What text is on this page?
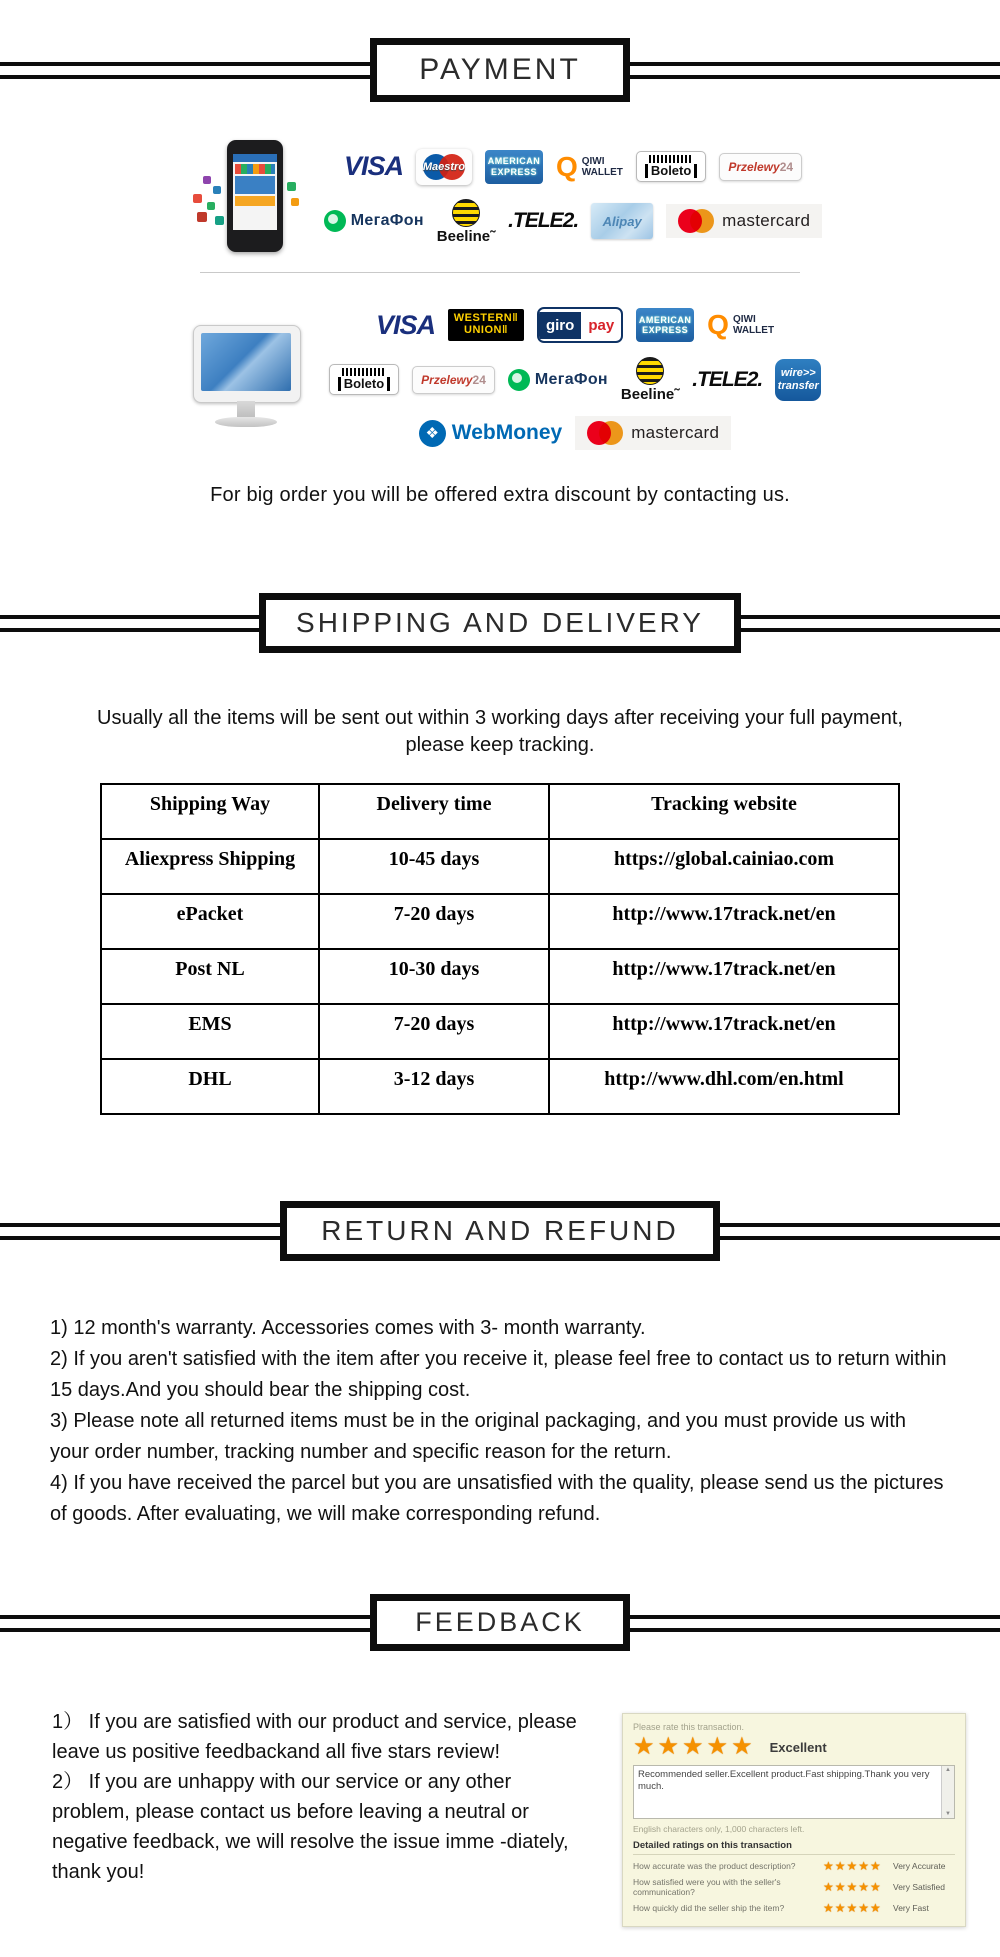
PAYMENT
VISA Maestro	AMERICAN
EXPRESS Q QIWI
WALLET	Boleto	Przelewy 24
МегаФон
Beeline˜
.TELE2. Alipay	mastercard
VISA WESTERN‖
UNION‖	giro pay	AMERICAN
EXPRESS Q QIWI
WALLET
Boleto	Przelewy 24	МегаФон
Beeline˜
.TELE2. wire>>
transfer
❖ WebMoney	mastercard
For big order you will be offered extra discount by contacting us.
SHIPPING AND DELIVERY
Usually all the items will be sent out within 3 working days after receiving your full payment, please keep tracking.
Shipping Way	Delivery time	Tracking website
Aliexpress Shipping	10-45 days	https://global.cainiao.com
ePacket	7-20 days	http://www.17track.net/en
Post NL	10-30 days	http://www.17track.net/en
EMS	7-20 days	http://www.17track.net/en
DHL	3-12 days	http://www.dhl.com/en.html
RETURN AND REFUND

1) 12 month's warranty. Accessories comes with 3- month warranty.

2) If you aren't satisfied with the item after you receive it, please feel free to contact us to return within 15 days.And you should bear the shipping cost.

3) Please note all returned items must be in the original packaging, and you must provide us with your order number, tracking number and specific reason for the return.

4) If you have received the parcel but you are unsatisfied with the quality, please send us the pictures of goods. After evaluating, we will make corresponding refund.

FEEDBACK

1） If you are satisfied with our product and service, please leave us positive feedbackand all five stars review!

2） If you are unhappy with our service or any other problem, please contact us before leaving a neutral or negative feedback, we will resolve the issue imme -diately, thank you!

Please rate this transaction.
★★★★★ Excellent
Recommended seller.Excellent product.Fast shipping.Thank you very much.
▲
▼
English characters only, 1,000 characters left.
Detailed ratings on this transaction
How accurate was the product description?	★★★★★	Very Accurate
How satisfied were you with the seller's communication?	★★★★★	Very Satisfied
How quickly did the seller ship the item?	★★★★★	Very Fast
